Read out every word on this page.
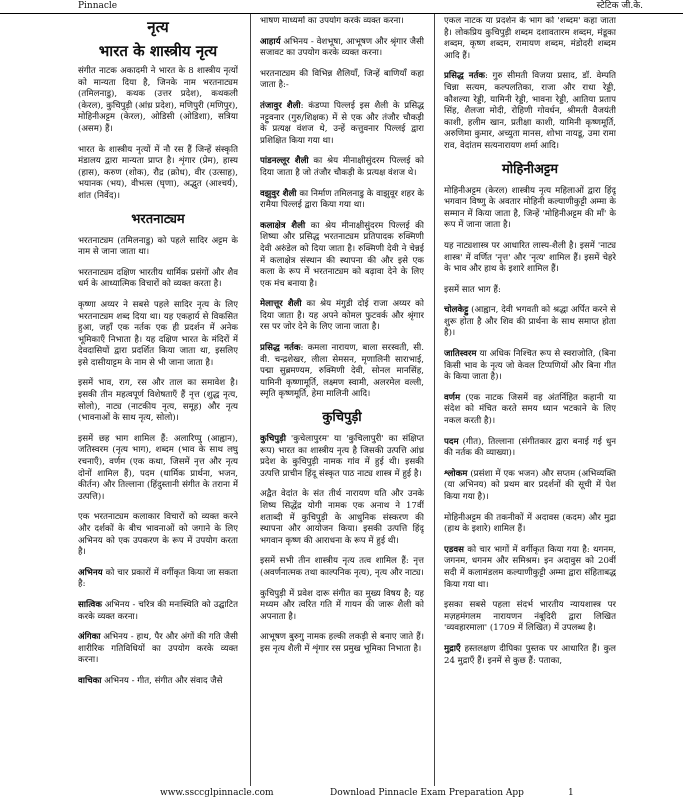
Pinnacle	स्टेटिक जी.के.
नृत्य
भारत के शास्त्रीय नृत्य

संगीत नाटक अकादमी ने भारत के 8 शास्त्रीय नृत्यों को मान्यता दिया है, जिनके नाम भरतनाट्यम (तमिलनाडु), कथक (उत्तर प्रदेश), कथकली (केरल), कुचिपुड़ी (आंध्र प्रदेश), मणिपुरी (मणिपुर), मोहिनीअट्टम (केरल), ओडिसी (ओडिशा), सत्रिया (असम) हैं।

भारत के शास्त्रीय नृत्यों में नौ रस हैं जिन्हें संस्कृति मंडालय द्वारा मान्यता प्राप्त है। शृंगार (प्रेम), हास्य (हास), करुण (शोक), रौद्र (क्रोध), वीर (उत्साह), भयानक (भय), वीभत्स (घृणा), अद्भुत (आश्चर्य), शांत (निर्वेद)।

भरतनाट्यम

भरतनाट्यम (तमिलनाडु) को पहले सादिर अट्टम के नाम से जाना जाता था।

भरतनाट्यम दक्षिण भारतीय धार्मिक प्रसंगों और शैव धर्म के आध्यात्मिक विचारों को व्यक्त करता है।

कृष्णा अय्यर ने सबसे पहले सादिर नृत्य के लिए भरतनाट्यम शब्द दिया था। यह एकहार्य से विकसित हुआ, जहाँ एक नर्तक एक ही प्रदर्शन में अनेक भूमिकाएँ निभाता है। यह दक्षिण भारत के मंदिरों में देवदासियों द्वारा प्रदर्शित किया जाता था, इसलिए इसे दासीयाट्टम के नाम से भी जाना जाता है।

इसमें भाव, राग, रस और ताल का समावेश है। इसकी तीन महत्वपूर्ण विशेषताएँ हैं नृत्त (शुद्ध नृत्य, सोलो), नाट्य (नाटकीय नृत्य, समूह) और नृत्य (भावनाओं के साथ नृत्य, सोलो)।

इसमें छह भाग शामिल हैं: अलारिप्पु (आह्वान), जतिस्वरम (नृत्य भाग), शब्दम (भाव के साथ लघु रचनाएँ), वर्णम (एक कथा, जिसमें नृत्त और नृत्य दोनों शामिल हैं), पदम (धार्मिक प्रार्थना, भजन, कीर्तन) और तिल्लाना (हिंदुस्तानी संगीत के तराना में उत्पत्ति)।

एक भरतनाट्यम कलाकार विचारों को व्यक्त करने और दर्शकों के बीच भावनाओं को जगाने के लिए अभिनय को एक उपकरण के रूप में उपयोग करता है।

अभिनय को चार प्रकारों में वर्गीकृत किया जा सकता है:

सात्विक अभिनय - चरित्र की मनःस्थिति को उद्घाटित करके व्यक्त करना।

अंगिका अभिनय - हाथ, पैर और अंगों की गति जैसी शारीरिक गतिविधियों का उपयोग करके व्यक्त करना।

वाचिका अभिनय - गीत, संगीत और संवाद जैसे

भाषण माध्यमों का उपयोग करके व्यक्त करना।

आहार्य अभिनय - वेशभूषा, आभूषण और श्रृंगार जैसी सजावट का उपयोग करके व्यक्त करना।

भरतनाट्यम की विभिन्न शैलियाँ, जिन्हें बाणियाँ कहा जाता है:-

तंजावुर शैली: कंडप्पा पिल्लई इस शैली के प्रसिद्ध नट्टुवनार (गुरु/शिक्षक) में से एक और तंजौर चौकड़ी के प्रत्यक्ष वंशज थे, उन्हें कत्तुवनार पिल्लई द्वारा प्रशिक्षित किया गया था।

पांडनल्लूर शैली का श्रेय मीनाक्षीसुंदरम पिल्लई को दिया जाता है जो तंजौर चौकड़ी के प्रत्यक्ष वंशज थे।

वझुवुर शैली का निर्माण तमिलनाडु के वाझुवूर शहर के रामैया पिल्लई द्वारा किया गया था।

कलाक्षेत्र शैली का श्रेय मीनाक्षीसुंदरम पिल्लई की शिष्या और प्रसिद्ध भरतनाट्यम प्रतिपादक रुक्मिणी देवी अरुंडेल को दिया जाता है। रुक्मिणी देवी ने चेन्नई में कलाक्षेत्र संस्थान की स्थापना की और इसे एक कला के रूप में भरतनाट्यम को बढ़ावा देने के लिए एक मंच बनाया है।

मेलात्तूर शैली का श्रेय मंगुडी दोई राजा अय्यर को दिया जाता है। यह अपने कोमल फुटवर्क और श्रृंगार रस पर जोर देने के लिए जाना जाता है।

प्रसिद्ध नर्तक: कमला नारायण, बाला सरस्वती, सी. वी. चन्द्रशेखर, लीला सेमसन, मृणालिनी साराभाई, पद्मा सुब्रमण्यम, रुक्मिणी देवी, सोनल मानसिंह, यामिनी कृष्णामूर्ति, लक्ष्मण स्वामी, अलरमेल वल्ली, स्मृति कृष्णमूर्ति, हेमा मालिनी आदि।

कुचिपुड़ी

कुचिपुड़ी 'कुचेलापुरम' या 'कुचिलापुरी' का संक्षिप्त रूप) भारत का शास्त्रीय नृत्य है जिसकी उत्पत्ति आंध्र प्रदेश के कुचिपुड़ी नामक गांव में हुई थी। इसकी उत्पत्ति प्राचीन हिंदू संस्कृत पाठ नाट्य शास्त्र में हुई है।

अद्वैत वेदांत के संत तीर्थ नारायण यति और उनके शिष्य सिद्धेंद्र योगी नामक एक अनाथ ने 17वीं शताब्दी में कुचिपुड़ी के आधुनिक संस्करण की स्थापना और आयोजन किया। इसकी उत्पत्ति हिंदू भगवान कृष्ण की आराधना के रूप में हुई थी।

इसमें सभी तीन शास्त्रीय नृत्य तत्व शामिल हैं: नृत्त (अवर्णनात्मक तथा काल्पनिक नृत्य), नृत्य और नाट्य।

कुचिपुड़ी में प्रवेश दारू संगीत का मुख्य विषय है; यह मध्यम और त्वरित गति में गायन की जारू शैली को अपनाता है।

आभूषण बुरुगु नामक हल्की लकड़ी से बनाए जाते हैं। इस नृत्य शैली में शृंगार रस प्रमुख भूमिका निभाता है।

एकल नाटक या प्रदर्शन के भाग को 'शब्दम' कहा जाता है। लोकप्रिय कुचिपुड़ी शब्दम दशावतारम शब्दम, मंडूका शब्दम, कृष्ण शब्दम, रामायण शब्दम, मंडोदरी शब्दम आदि हैं।

प्रसिद्ध नर्तक: गुरु सीमती विजया प्रसाद, डॉ. वेम्पति चिन्ना सत्यम, कल्पलतिका, राजा और राधा रेड्डी, कौशल्या रेड्डी, यामिनी रेड्डी, भावना रेड्डी, आतिया प्रताप सिंह, शैलजा मोदी, रोहिणी गोवर्धन, श्रीमती वैजयंती काशी, हलीम खान, प्रतीक्षा काशी, यामिनी कृष्णमूर्ति, अरुणिमा कुमार, अच्युता मानस, शोभा नायडू, उमा रामा राव, वेदांतम सत्यनारायण शर्मा आदि।

मोहिनीअट्टम

मोहिनीअट्टम (केरल) शास्त्रीय नृत्य महिलाओं द्वारा हिंदू भगवान विष्णु के अवतार मोहिनी कल्याणीकुट्टी अम्मा के सम्मान में किया जाता है, जिन्हें 'मोहिनीअट्टम की माँ' के रूप में जाना जाता है।

यह नाट्यशास्त्र पर आधारित लास्य-शैली है। इसमें 'नाट्य शास्त्र' में वर्णित 'नृत्त' और 'नृत्य' शामिल हैं। इसमें चेहरे के भाव और हाथ के इशारे शामिल हैं।

इसमें सात भाग हैं:

चोलकेट्टु (आह्वान, देवी भगवती को श्रद्धा अर्पित करने से शुरू होता है और शिव की प्रार्थना के साथ समाप्त होता है)।

जातिस्वरम या अधिक निश्चित रूप से स्वराजोति, (बिना किसी भाव के नृत्य जो केवल टिप्पणियों और बिना गीत के किया जाता है)।

वर्णम (एक नाटक जिसमें वह अंतर्निहित कहानी या संदेश को मंचित करते समय ध्यान भटकाने के लिए नकल करती है)।

पदम (गीत), तिल्लाना (संगीतकार द्वारा बनाई गई धुन की नर्तक की व्याख्या)।

श्लोकम (प्रसंशा में एक भजन) और सप्तम (अभिव्यक्ति (या अभिनय) को प्रथम बार प्रदर्शनों की सूची में पेश किया गया है)।

मोहिनीअट्टम की तकनीकों में अदावस (कदम) और मुद्रा (हाथ के इशारे) शामिल हैं।

एडवस को चार भागों में वर्गीकृत किया गया है: थगनम, जगनम, धगनम और समिश्रम। इन अदावुस को 20वीं सदी में कलामंडलम कल्याणीकुट्टी अम्मा द्वारा संहिताबद्ध किया गया था।

इसका सबसे पहला संदर्भ भारतीय न्यायशास्त्र पर मज़हमंगलम नारायणन नंबूदिरी द्वारा लिखित 'व्यवहारमाला' (1709 में लिखित) में उपलब्ध है।

मुद्राएँ हस्तलक्षण दीपिका पुस्तक पर आधारित हैं। कुल 24 मुद्राएँ हैं। इनमें से कुछ हैं: पताका,

www.ssccglpinnacle.com	Download Pinnacle Exam Preparation App	1
